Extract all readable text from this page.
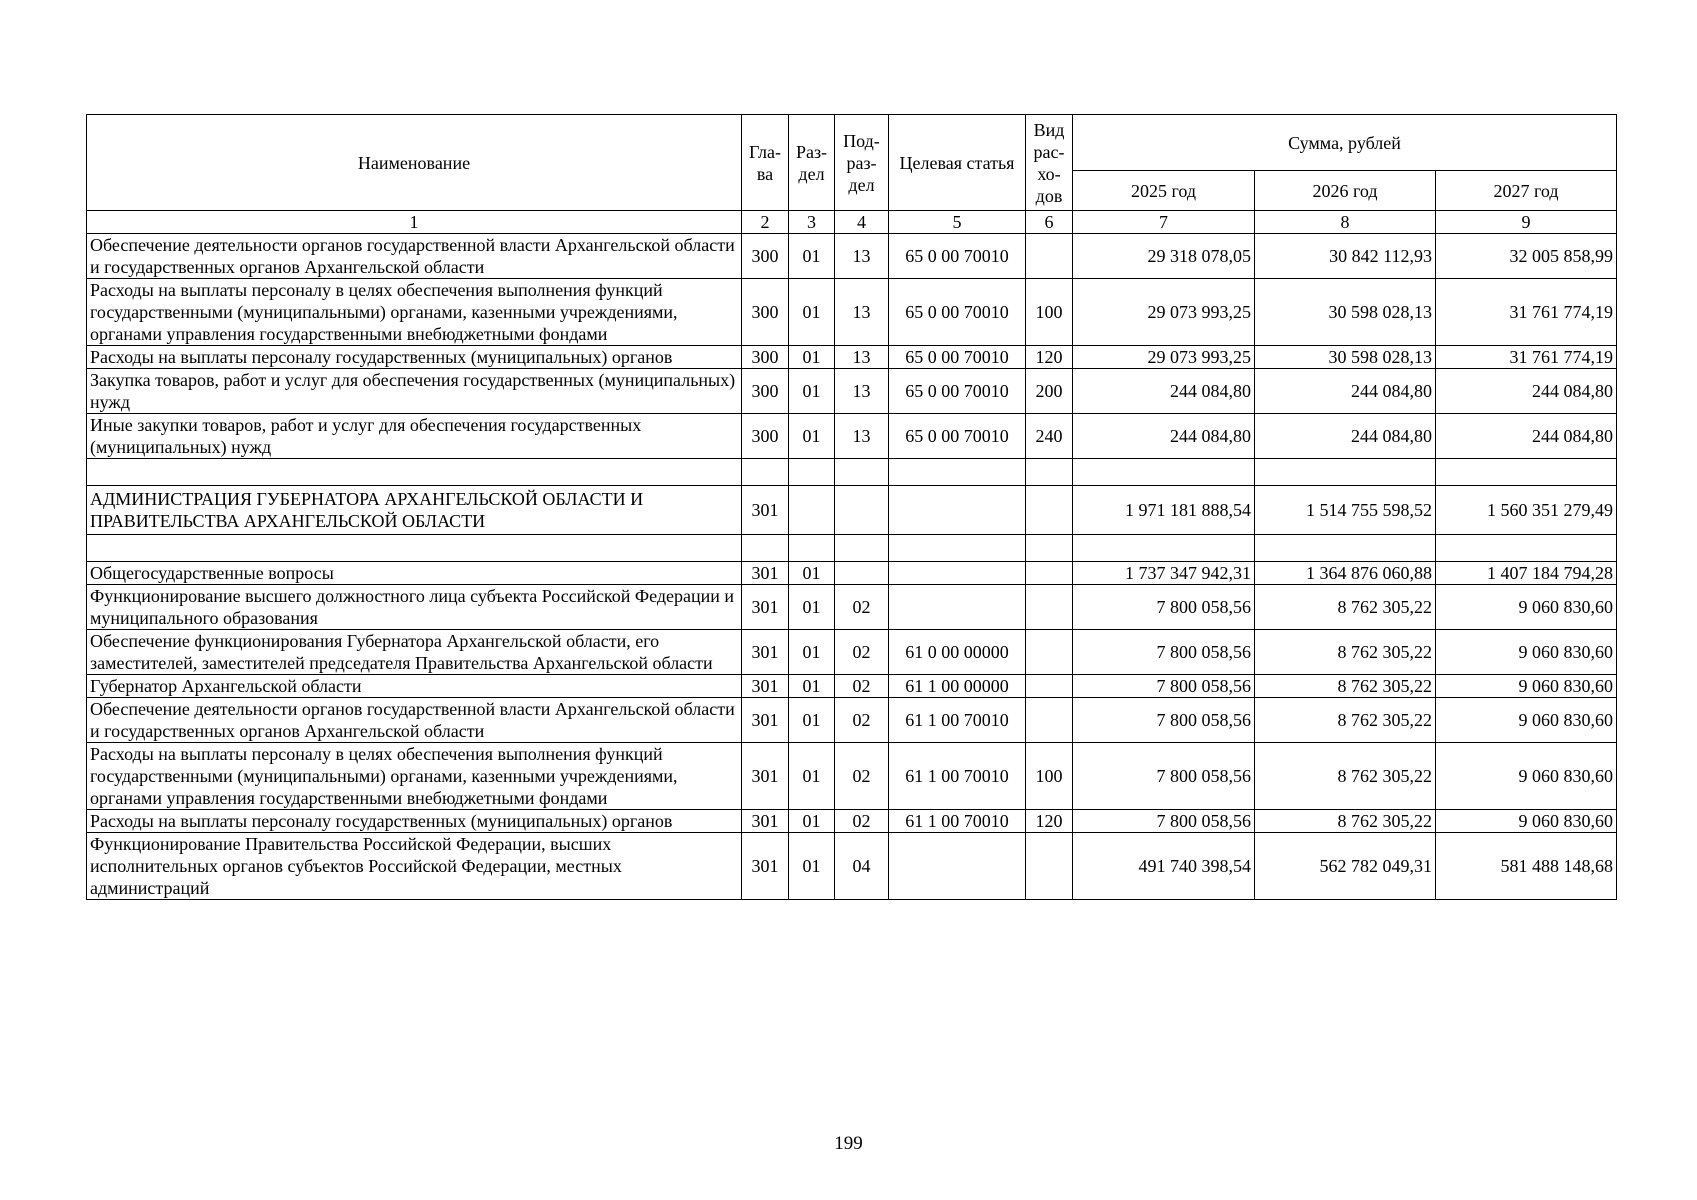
Наименование	Гла-ва	Раз-дел	Под-раз-дел	Целевая статья	Вид рас-хо-дов	Сумма, рублей		
						2025 год	2026 год	2027 год
1	2	3	4	5	6	7	8	9
Обеспечение деятельности органов государственной власти Архангельской области и государственных органов Архангельской области	300	01	13	65 0 00 70010		29 318 078,05	30 842 112,93	32 005 858,99
Расходы на выплаты персоналу в целях обеспечения выполнения функций государственными (муниципальными) органами, казенными учреждениями, органами управления государственными внебюджетными фондами	300	01	13	65 0 00 70010	100	29 073 993,25	30 598 028,13	31 761 774,19
Расходы на выплаты персоналу государственных (муниципальных) органов	300	01	13	65 0 00 70010	120	29 073 993,25	30 598 028,13	31 761 774,19
Закупка товаров, работ и услуг для обеспечения государственных (муниципальных) нужд	300	01	13	65 0 00 70010	200	244 084,80	244 084,80	244 084,80
Иные закупки товаров, работ и услуг для обеспечения государственных (муниципальных) нужд	300	01	13	65 0 00 70010	240	244 084,80	244 084,80	244 084,80

АДМИНИСТРАЦИЯ ГУБЕРНАТОРА АРХАНГЕЛЬСКОЙ ОБЛАСТИ И ПРАВИТЕЛЬСТВА АРХАНГЕЛЬСКОЙ ОБЛАСТИ	301					1 971 181 888,54	1 514 755 598,52	1 560 351 279,49

Общегосударственные вопросы	301	01				1 737 347 942,31	1 364 876 060,88	1 407 184 794,28
Функционирование высшего должностного лица субъекта Российской Федерации и муниципального образования	301	01	02			7 800 058,56	8 762 305,22	9 060 830,60
Обеспечение функционирования Губернатора Архангельской области, его заместителей, заместителей председателя Правительства Архангельской области	301	01	02	61 0 00 00000		7 800 058,56	8 762 305,22	9 060 830,60
Губернатор Архангельской области	301	01	02	61 1 00 00000		7 800 058,56	8 762 305,22	9 060 830,60
Обеспечение деятельности органов государственной власти Архангельской области и государственных органов Архангельской области	301	01	02	61 1 00 70010		7 800 058,56	8 762 305,22	9 060 830,60
Расходы на выплаты персоналу в целях обеспечения выполнения функций государственными (муниципальными) органами, казенными учреждениями, органами управления государственными внебюджетными фондами	301	01	02	61 1 00 70010	100	7 800 058,56	8 762 305,22	9 060 830,60
Расходы на выплаты персоналу государственных (муниципальных) органов	301	01	02	61 1 00 70010	120	7 800 058,56	8 762 305,22	9 060 830,60
Функционирование Правительства Российской Федерации, высших исполнительных органов субъектов Российской Федерации, местных администраций	301	01	04			491 740 398,54	562 782 049,31	581 488 148,68
199
